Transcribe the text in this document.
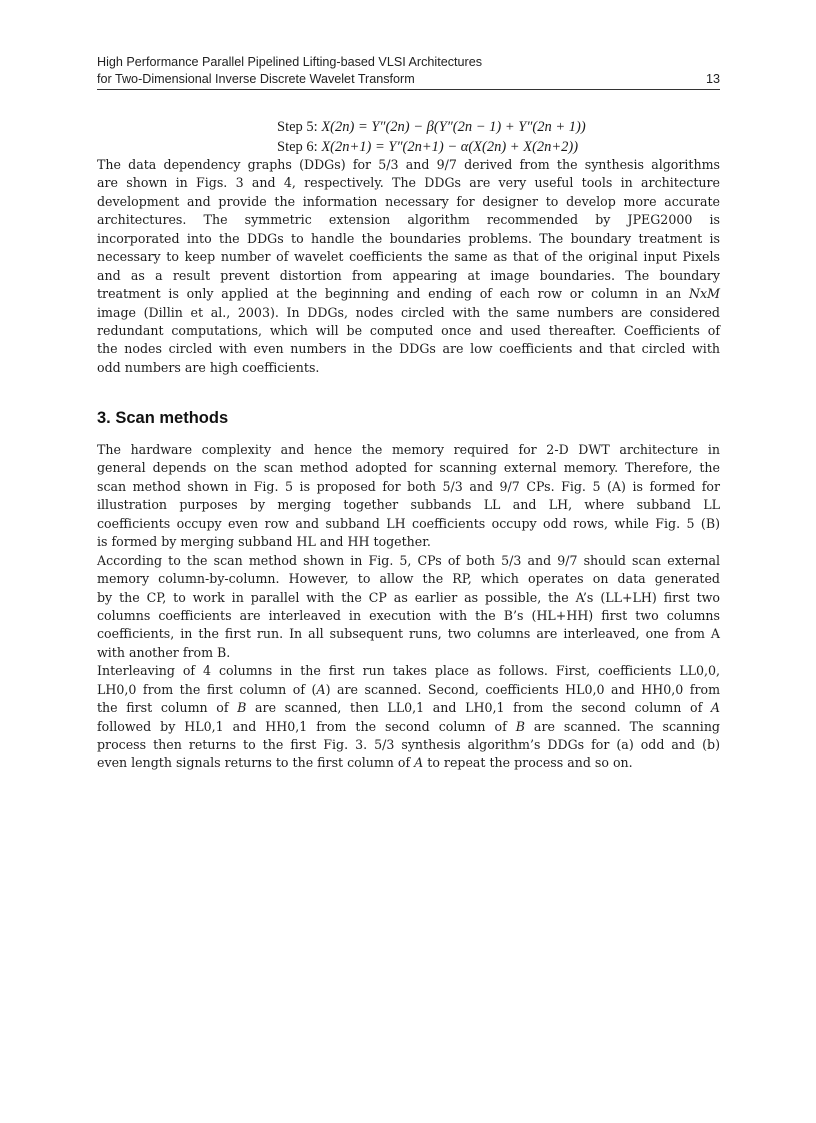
High Performance Parallel Pipelined Lifting-based VLSI Architectures
for Two-Dimensional Inverse Discrete Wavelet Transform	13
Step 5: X(2n) = Y″(2n) − β(Y″(2n − 1) + Y″(2n + 1))
Step 6: X(2n+1) = Y″(2n+1) − α(X(2n) + X(2n+2))
The data dependency graphs (DDGs) for 5/3 and 9/7 derived from the synthesis algorithms
are shown in Figs. 3 and 4, respectively. The DDGs are very useful tools in architecture
development and provide the information necessary for designer to develop more accurate
architectures. The symmetric extension algorithm recommended by JPEG2000 is
incorporated into the DDGs to handle the boundaries problems. The boundary treatment is
necessary to keep number of wavelet coefficients the same as that of the original input Pixels
and as a result prevent distortion from appearing at image boundaries. The boundary
treatment is only applied at the beginning and ending of each row or column in an NxM
image (Dillin et al., 2003). In DDGs, nodes circled with the same numbers are considered
redundant computations, which will be computed once and used thereafter. Coefficients of
the nodes circled with even numbers in the DDGs are low coefficients and that circled with
odd numbers are high coefficients.
3. Scan methods
The hardware complexity and hence the memory required for 2-D DWT architecture in
general depends on the scan method adopted for scanning external memory. Therefore, the
scan method shown in Fig. 5 is proposed for both 5/3 and 9/7 CPs. Fig. 5 (A) is formed for
illustration purposes by merging together subbands LL and LH, where subband LL
coefficients occupy even row and subband LH coefficients occupy odd rows, while Fig. 5 (B)
is formed by merging subband HL and HH together.
According to the scan method shown in Fig. 5, CPs of both 5/3 and 9/7 should scan external
memory column-by-column. However, to allow the RP, which operates on data generated
by the CP, to work in parallel with the CP as earlier as possible, the A’s (LL+LH) first two
columns coefficients are interleaved in execution with the B’s (HL+HH) first two columns
coefficients, in the first run. In all subsequent runs, two columns are interleaved, one from A
with another from B.
Interleaving of 4 columns in the first run takes place as follows. First, coefficients LL0,0,
LH0,0 from the first column of (A) are scanned. Second, coefficients HL0,0 and HH0,0 from
the first column of B are scanned, then LL0,1 and LH0,1 from the second column of A
followed by HL0,1 and HH0,1 from the second column of B are scanned. The scanning
process then returns to the first Fig. 3. 5/3 synthesis algorithm’s DDGs for (a) odd and (b)
even length signals returns to the first column of A to repeat the process and so on.
